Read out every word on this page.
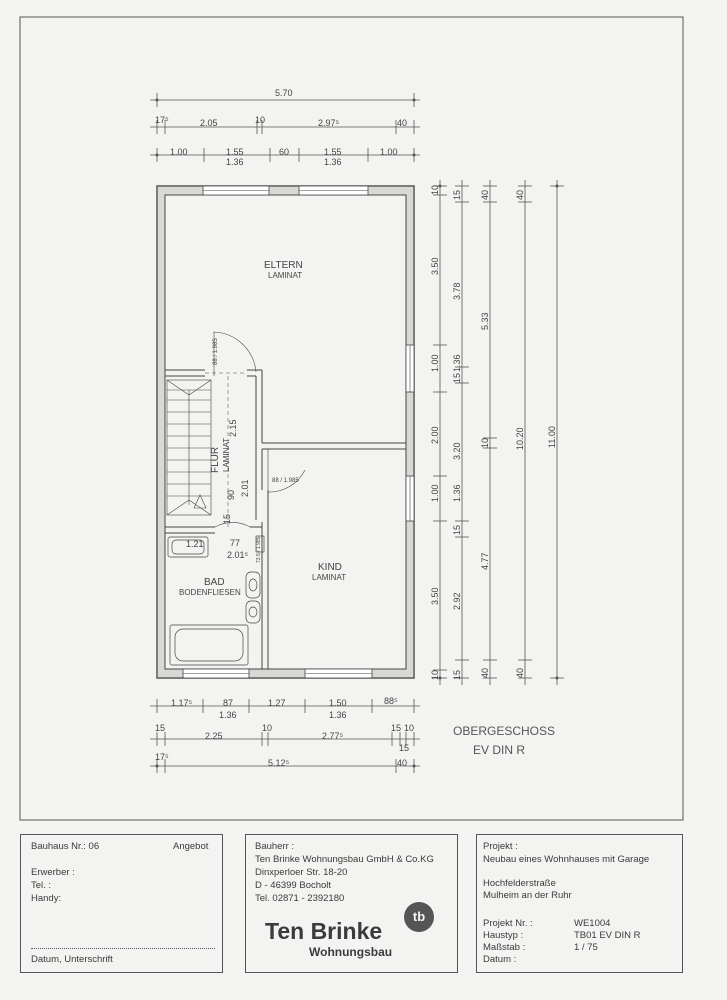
5.70
17⁵	2.05	10	2.97⁵	40
1.00	1.55
1.36
60	1.55
1.36
1.00
10
3.50
1.00
2.00
1.00
3.50
10
15
3.78
1.36
15
3.20
1.36
15
2.92
15
40
5.33
10
4.77
40
40
10.20
40
11.00
1.17⁵	87
1.36
1.27	1.50
1.36
88⁵
15
2.25
10
2.77⁵
15 10
15
17⁵
5.12⁵	40
ELTERN
LAMINAT
FLUR LAMINAT
KIND
LAMINAT
BAD
BODENFLIESEN
88 / 1.985
88 / 1.985
2.15
2.01
90
15
1.21	77
2.01⁵ 73.5 / 1.985
OBERGESCHOSS
EV DIN R
Bauhaus Nr.: 06	Angebot
Erwerber :
Tel. :
Handy:
Datum, Unterschrift
Bauherr :
Ten Brinke Wohnungsbau GmbH & Co.KG
Dinxperloer Str. 18-20
D - 46399 Bocholt
Tel. 02871 - 2392180
Ten Brinke
Wohnungsbau
tb
Projekt :
Neubau eines Wohnhauses mit Garage
Hochfelderstraße
Mulheim an der Ruhr
Projekt Nr. :	WE1004
Haustyp :	TB01 EV DIN R
Maßstab :	1 / 75
Datum :
